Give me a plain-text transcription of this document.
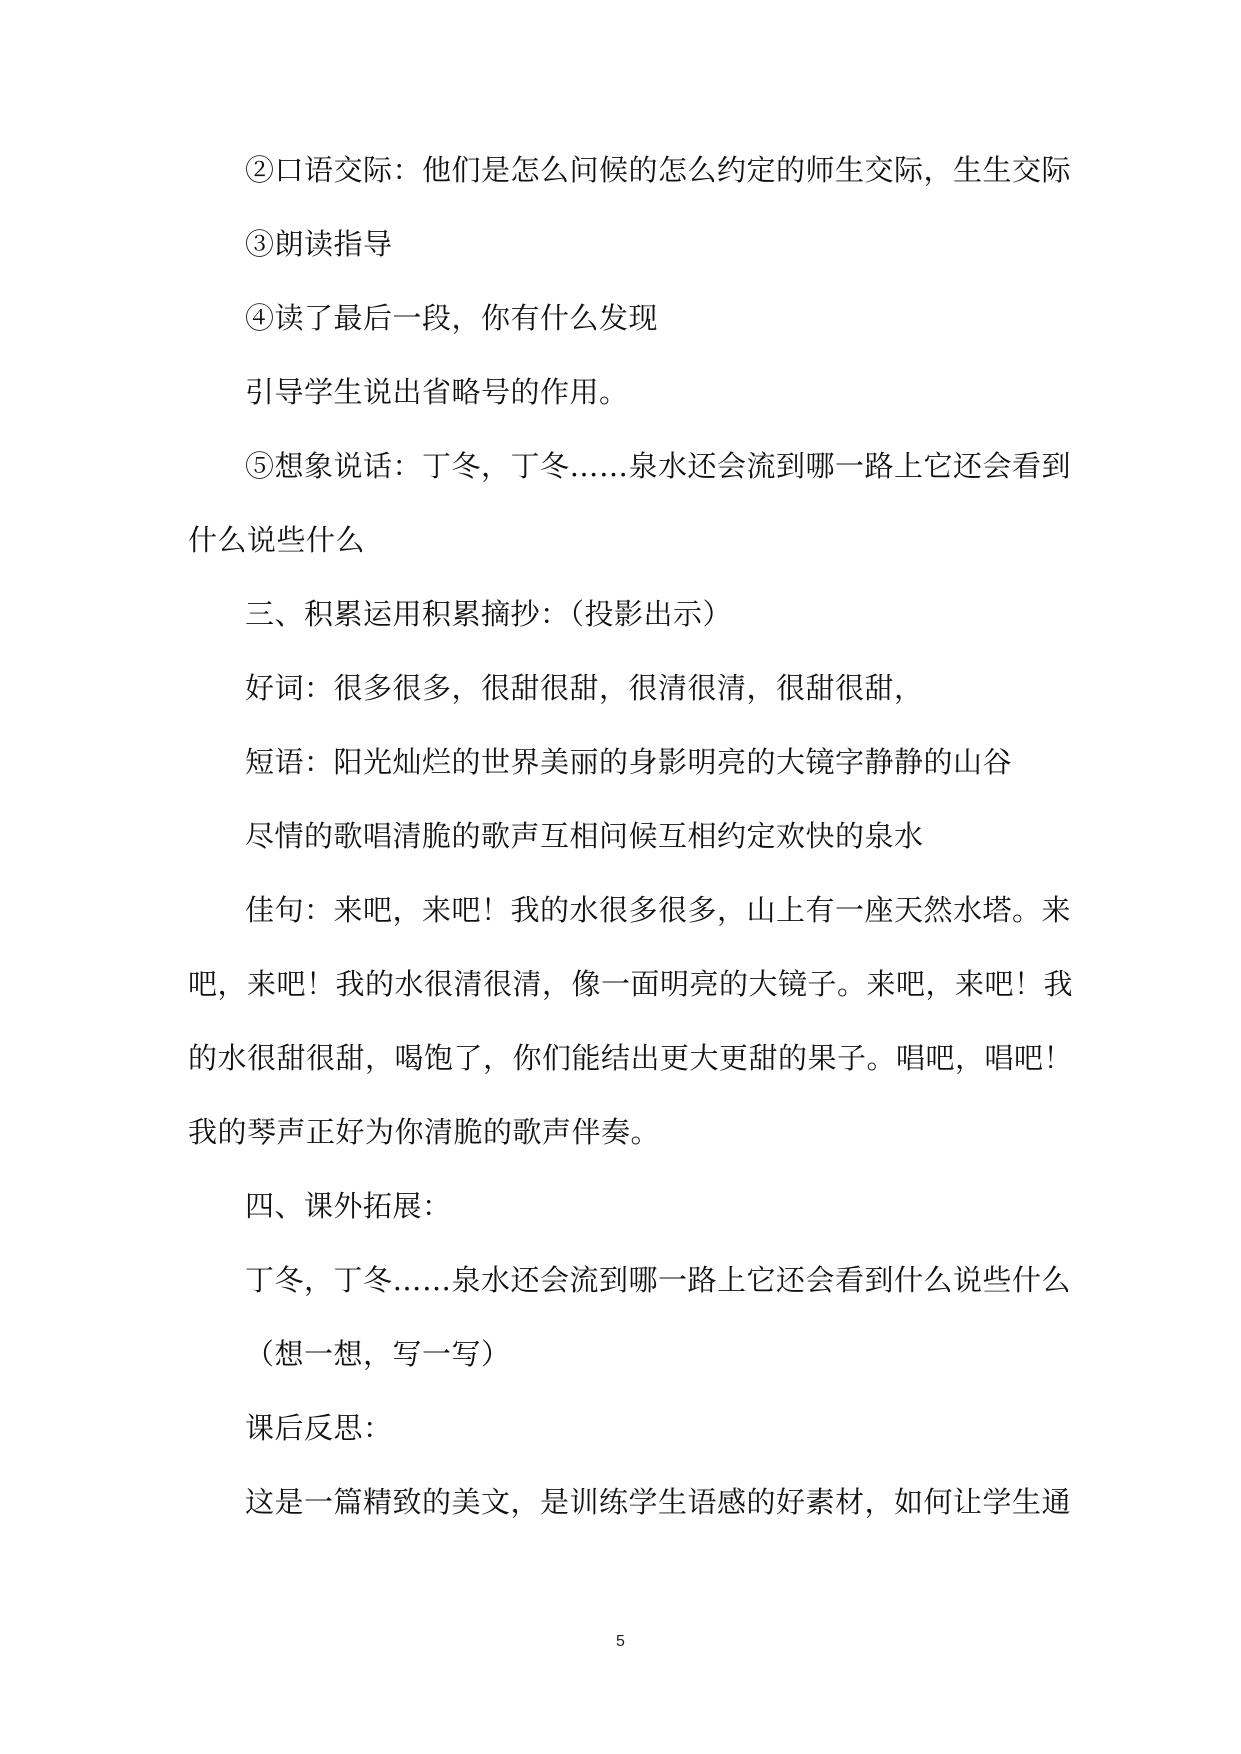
②口语交际：他们是怎么问候的怎么约定的师生交际，生生交际
③朗读指导
④读了最后一段，你有什么发现
引导学生说出省略号的作用。
⑤想象说话：丁冬，丁冬……泉水还会流到哪一路上它还会看到
什么说些什么
三、积累运用积累摘抄：（投影出示）
好词：很多很多，很甜很甜，很清很清，很甜很甜，
短语：阳光灿烂的世界美丽的身影明亮的大镜字静静的山谷
尽情的歌唱清脆的歌声互相问候互相约定欢快的泉水
佳句：来吧，来吧！我的水很多很多，山上有一座天然水塔。来
吧，来吧！我的水很清很清，像一面明亮的大镜子。来吧，来吧！我
的水很甜很甜，喝饱了，你们能结出更大更甜的果子。唱吧，唱吧！
我的琴声正好为你清脆的歌声伴奏。
四、课外拓展：
丁冬，丁冬……泉水还会流到哪一路上它还会看到什么说些什么
（想一想，写一写）
课后反思：
这是一篇精致的美文，是训练学生语感的好素材，如何让学生通
5
